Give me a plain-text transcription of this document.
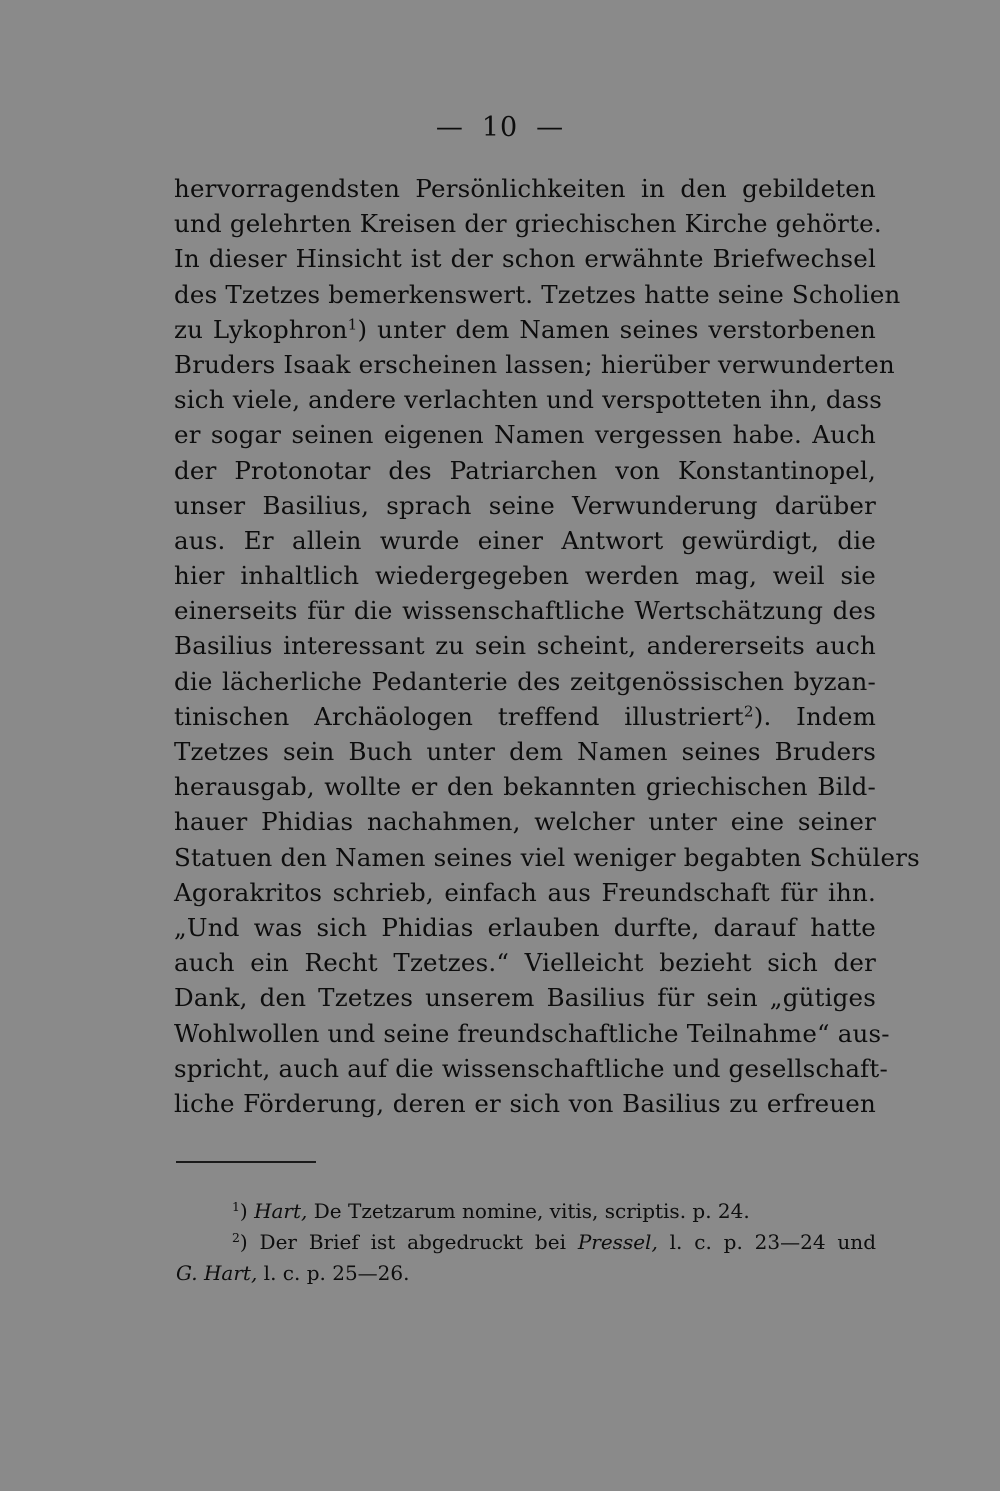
— 10 —
hervorragendsten Persönlichkeiten in den gebildeten
und gelehrten Kreisen der griechischen Kirche gehörte.
In dieser Hinsicht ist der schon erwähnte Briefwechsel
des Tzetzes bemerkenswert. Tzetzes hatte seine Scholien
zu Lykophron$^1$) unter dem Namen seines verstorbenen
Bruders Isaak erscheinen lassen; hierüber verwunderten
sich viele, andere verlachten und verspotteten ihn, dass
er sogar seinen eigenen Namen vergessen habe. Auch
der Protonotar des Patriarchen von Konstantinopel,
unser Basilius, sprach seine Verwunderung darüber
aus. Er allein wurde einer Antwort gewürdigt, die
hier inhaltlich wiedergegeben werden mag, weil sie
einerseits für die wissenschaftliche Wertschätzung des
Basilius interessant zu sein scheint, andererseits auch
die lächerliche Pedanterie des zeitgenössischen byzan-
tinischen Archäologen treffend illustriert$^2$). Indem
Tzetzes sein Buch unter dem Namen seines Bruders
herausgab, wollte er den bekannten griechischen Bild-
hauer Phidias nachahmen, welcher unter eine seiner
Statuen den Namen seines viel weniger begabten Schülers
Agorakritos schrieb, einfach aus Freundschaft für ihn.
„Und was sich Phidias erlauben durfte, darauf hatte
auch ein Recht Tzetzes.“ Vielleicht bezieht sich der
Dank, den Tzetzes unserem Basilius für sein „gütiges
Wohlwollen und seine freundschaftliche Teilnahme“ aus-
spricht, auch auf die wissenschaftliche und gesellschaft-
liche Förderung, deren er sich von Basilius zu erfreuen
$^1$) Hart, De Tzetzarum nomine, vitis, scriptis. p. 24.
$^2$) Der Brief ist abgedruckt bei Pressel, l. c. p. 23—24 und
G. Hart, l. c. p. 25—26.
